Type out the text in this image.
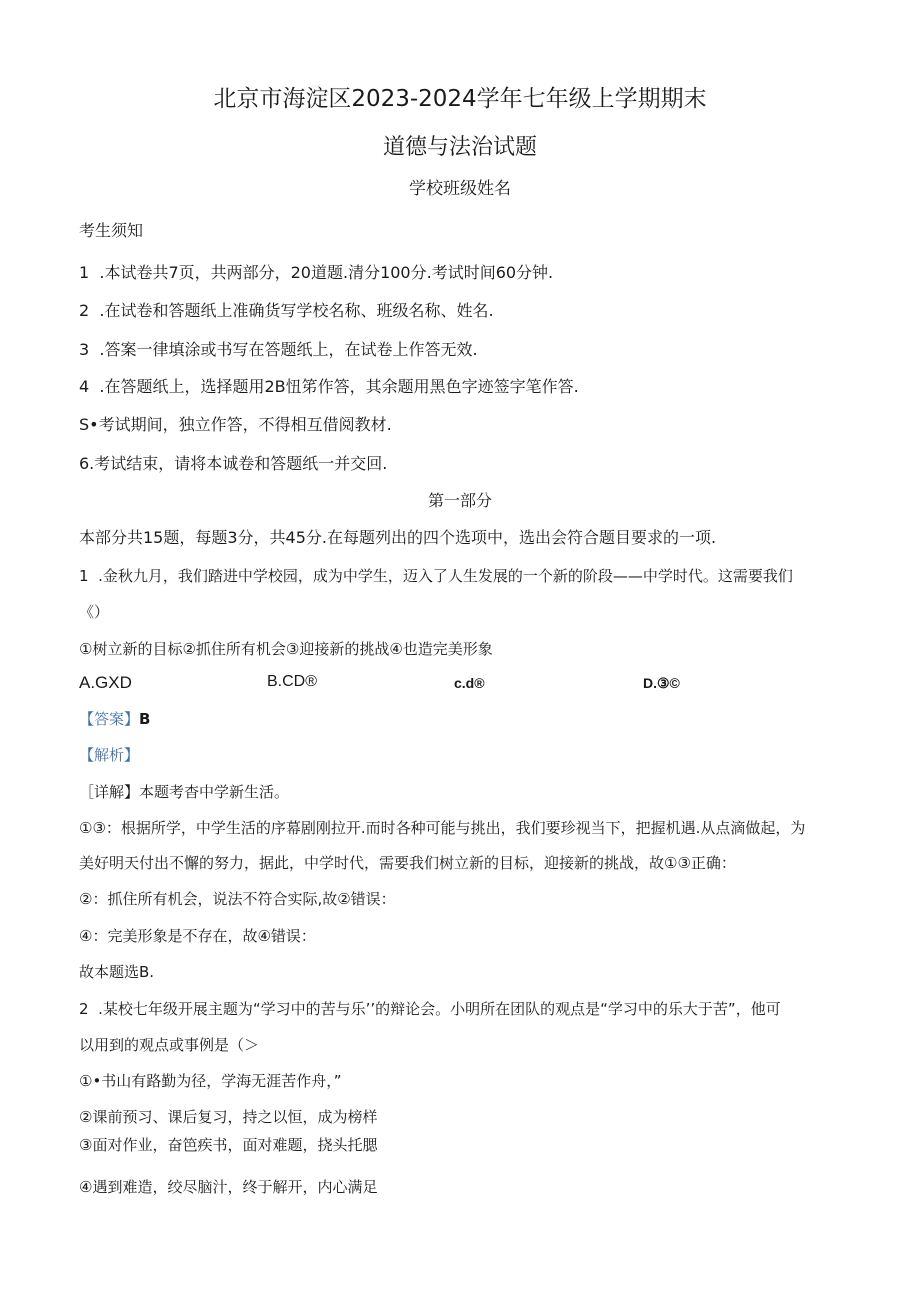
北京市海淀区2023-2024学年七年级上学期期末
道德与法治试题
学校班级姓名
考生须知
1  .本试卷共7页，共两部分，20道题.清分100分.考试时间60分钟.
2  .在试卷和答题纸上准确货写学校名称、班级名称、姓名.
3  .答案一律填涂或书写在答题纸上，在试卷上作答无效.
4  .在答题纸上，选择题用2B忸笫作答，其余题用黑色字迹签字笔作答.
S•考试期间，独立作答，不得相互借阅教材.
6.考试结束，请将本诚卷和答题纸一并交回.
第一部分
本部分共15题，每题3分，共45分.在每题列出的四个选项中，选出会符合题目要求的一项.
1  .金秋九月，我们踏进中学校园，成为中学生，迈入了人生发展的一个新的阶段——中学时代。这需要我们
《）
①树立新的目标②抓住所有机会③迎接新的挑战④也造完美形象
A.GXD	B.CD®	c.d®	D.③©
【答案】B
【解析】
［详解】本题考杳中学新生活。
①③：根据所学，中学生活的序幕剧刚拉开.而时各种可能与挑出，我们要珍视当下，把握机遇.从点滴做起，为
美好明天付出不懈的努力，据此，中学时代，需要我们树立新的目标，迎接新的挑战，故①③正确：
②：抓住所有机会，说法不符合实际,故②错误：
④：完美形象是不存在，故④错误：
故本题选B.
2  .某校七年级开展主题为“学习中的苦与乐’’的辩论会。小明所在团队的观点是“学习中的乐大于苦”，他可
以用到的观点或事例是（＞
①•书山有路勤为径，学海无涯苦作舟，”
②课前预习、课后复习，持之以恒，成为榜样
③面对作业，奋笆疾书，面对难题，挠头托腮
④遇到难造，绞尽脑汁，终于解开，内心满足
